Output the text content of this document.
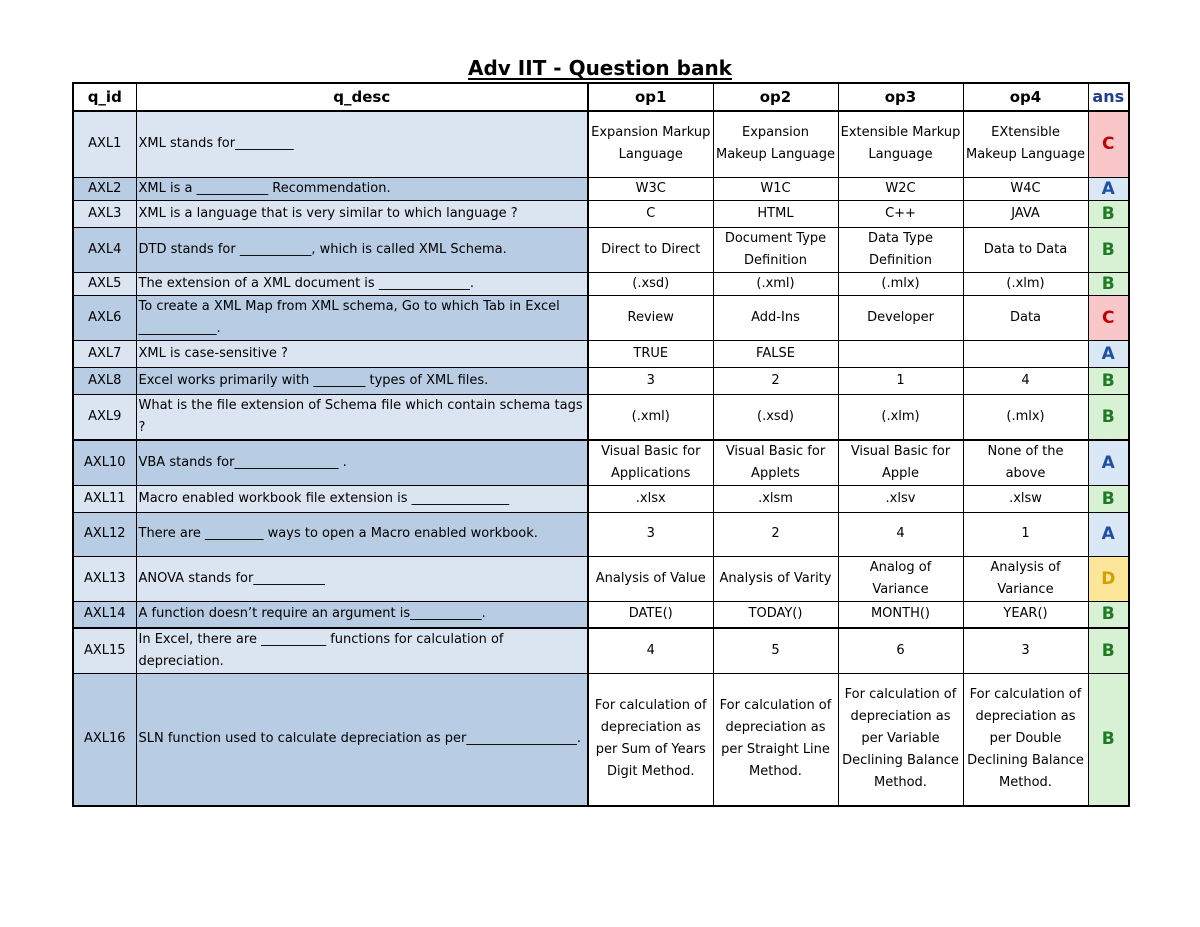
Adv IIT - Question bank
q_id	q_desc	op1	op2	op3	op4	ans
AXL1	XML stands for_________	Expansion Markup Language	Expansion Makeup Language	Extensible Markup Language	EXtensible Makeup Language	C
AXL2	XML is a ___________ Recommendation.	W3C	W1C	W2C	W4C	A
AXL3	XML is a language that is very similar to which language ?	C	HTML	C++	JAVA	B
AXL4	DTD stands for ___________, which is called XML Schema.	Direct to Direct	Document Type Definition	Data Type Definition	Data to Data	B
AXL5	The extension of a XML document is ______________.	(.xsd)	(.xml)	(.mlx)	(.xlm)	B
AXL6	To create a XML Map from XML schema, Go to which Tab in Excel ____________.	Review	Add-Ins	Developer	Data	C
AXL7	XML is case-sensitive ?	TRUE	FALSE			A
AXL8	Excel works primarily with ________ types of XML files.	3	2	1	4	B
AXL9	What is the file extension of Schema file which contain schema tags ?	(.xml)	(.xsd)	(.xlm)	(.mlx)	B
AXL10	VBA stands for________________ .	Visual Basic for Applications	Visual Basic for Applets	Visual Basic for Apple	None of the above	A
AXL11	Macro enabled workbook file extension is _______________	.xlsx	.xlsm	.xlsv	.xlsw	B
AXL12	There are _________ ways to open a Macro enabled workbook.	3	2	4	1	A
AXL13	ANOVA stands for___________	Analysis of Value	Analysis of Varity	Analog of Variance	Analysis of Variance	D
AXL14	A function doesn’t require an argument is___________.	DATE()	TODAY()	MONTH()	YEAR()	B
AXL15	In Excel, there are __________ functions for calculation of depreciation.	4	5	6	3	B
AXL16	SLN function used to calculate depreciation as per_________________.	For calculation of depreciation as per Sum of Years Digit Method.	For calculation of depreciation as per Straight Line Method.	For calculation of depreciation as per Variable Declining Balance Method.	For calculation of depreciation as per Double Declining Balance Method.	B
